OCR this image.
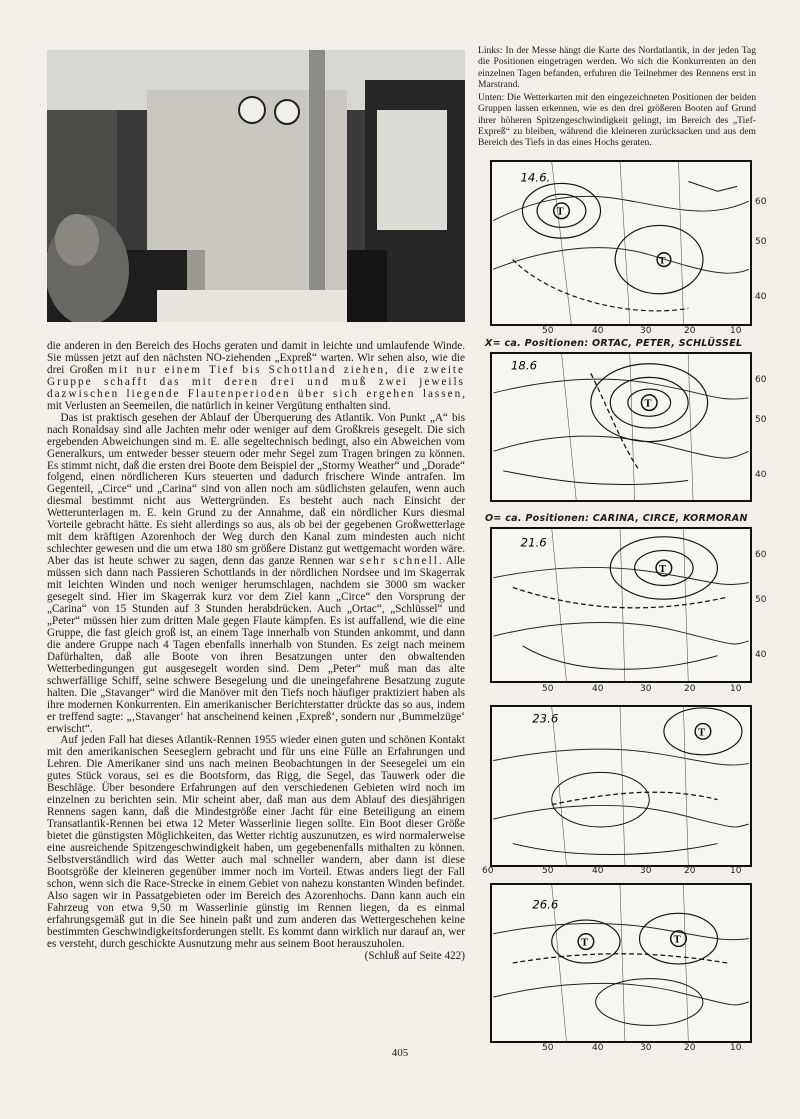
Links: In der Messe hängt die Karte des Nordatlantik, in der jeden Tag die Positionen eingetragen werden. Wo sich die Konkurrenten an den einzelnen Tagen befanden, erfuhren die Teilnehmer des Rennens erst in Marstrand.

Unten: Die Wetterkarten mit den eingezeichneten Positionen der beiden Gruppen lassen erkennen, wie es den drei größeren Booten auf Grund ihrer höheren Spitzengeschwindigkeit gelingt, im Bereich des „Tief-Expreß“ zu bleiben, während die kleineren zurücksacken und aus dem Bereich des Tiefs in das eines Hochs geraten.

die anderen in den Bereich des Hochs geraten und damit in leichte und umlaufende Winde. Sie müssen jetzt auf den nächsten NO-ziehenden „Expreß“ warten. Wir sehen also, wie die drei Großen mit nur einem Tief bis Schottland ziehen, die zweite Gruppe schafft das mit deren drei und muß zwei jeweils dazwischen liegende Flautenperioden über sich ergehen lassen, mit Verlusten an Seemeilen, die natürlich in keiner Vergütung enthalten sind.

Das ist praktisch gesehen der Ablauf der Überquerung des Atlantik. Von Punkt „A“ bis nach Ronaldsay sind alle Jachten mehr oder weniger auf dem Großkreis gesegelt. Die sich ergebenden Abweichungen sind m. E. alle segeltechnisch bedingt, also ein Abweichen vom Generalkurs, um entweder besser steuern oder mehr Segel zum Tragen bringen zu können. Es stimmt nicht, daß die ersten drei Boote dem Beispiel der „Stormy Weather“ und „Dorade“ folgend, einen nördlicheren Kurs steuerten und dadurch frischere Winde antrafen. Im Gegenteil, „Circe“ und „Carina“ sind von allen noch am südlichsten gelaufen, wenn auch diesmal bestimmt nicht aus Wettergründen. Es besteht auch nach Einsicht der Wetterunterlagen m. E. kein Grund zu der Annahme, daß ein nördlicher Kurs diesmal Vorteile gebracht hätte. Es sieht allerdings so aus, als ob bei der gegebenen Großwetterlage mit dem kräftigen Azorenhoch der Weg durch den Kanal zum mindesten auch nicht schlechter gewesen und die um etwa 180 sm größere Distanz gut wettgemacht worden wäre. Aber das ist heute schwer zu sagen, denn das ganze Rennen war sehr schnell. Alle müssen sich dann nach Passieren Schottlands in der nördlichen Nordsee und im Skagerrak mit leichten Winden und noch weniger herumschlagen, nachdem sie 3000 sm wacker gesegelt sind. Hier im Skagerrak kurz vor dem Ziel kann „Circe“ den Vorsprung der „Carina“ von 15 Stunden auf 3 Stunden herabdrücken. Auch „Ortac“, „Schlüssel“ und „Peter“ müssen hier zum dritten Male gegen Flaute kämpfen. Es ist auffallend, wie die eine Gruppe, die fast gleich groß ist, an einem Tage innerhalb von Stunden ankommt, und dann die andere Gruppe nach 4 Tagen ebenfalls innerhalb von Stunden. Es zeigt nach meinem Dafürhalten, daß alle Boote von ihren Besatzungen unter den obwaltenden Wetterbedingungen gut ausgesegelt worden sind. Dem „Peter“ muß man das alte schwerfällige Schiff, seine schwere Besegelung und die uneingefahrene Besatzung zugute halten. Die „Stavanger“ wird die Manöver mit den Tiefs noch häufiger praktiziert haben als ihre modernen Konkurrenten. Ein amerikanischer Berichterstatter drückte das so aus, indem er treffend sagte: „‚Stavanger‘ hat anscheinend keinen ‚Expreß‘, sondern nur ‚Bummelzüge‘ erwischt“.

Auf jeden Fall hat dieses Atlantik-Rennen 1955 wieder einen guten und schönen Kontakt mit den amerikanischen Seeseglern gebracht und für uns eine Fülle an Erfahrungen und Lehren. Die Amerikaner sind uns nach meinen Beobachtungen in der Seesegelei um ein gutes Stück voraus, sei es die Bootsform, das Rigg, die Segel, das Tauwerk oder die Beschläge. Über besondere Erfahrungen auf den verschiedenen Gebieten wird noch im einzelnen zu berichten sein. Mir scheint aber, daß man aus dem Ablauf des diesjährigen Rennens sagen kann, daß die Mindestgröße einer Jacht für eine Beteiligung an einem Transatlantik-Rennen bei etwa 12 Meter Wasserlinie liegen sollte. Ein Boot dieser Größe bietet die günstigsten Möglichkeiten, das Wetter richtig auszunutzen, es wird normalerweise eine ausreichende Spitzengeschwindigkeit haben, um gegebenenfalls mithalten zu können. Selbstverständlich wird das Wetter auch mal schneller wandern, aber dann ist diese Bootsgröße der kleineren gegenüber immer noch im Vorteil. Etwas anders liegt der Fall schon, wenn sich die Race-Strecke in einem Gebiet von nahezu konstanten Winden befindet. Also sagen wir in Passatgebieten oder im Bereich des Azorenhochs. Dann kann auch ein Fahrzeug von etwa 9,50 m Wasserlinie günstig im Rennen liegen, da es einmal erfahrungsgemäß gut in die See hinein paßt und zum anderen das Wettergeschehen keine bestimmten Geschwindigkeitsforderungen stellt. Es kommt dann wirklich nur darauf an, wer es versteht, durch geschickte Ausnutzung mehr aus seinem Boot herauszuholen.

(Schluß auf Seite 422)
14.6.
T
T
50	40	30	20	10
X= ca. Positionen: ORTAC, PETER, SCHLÜSSEL
18.6
T
O= ca. Positionen: CARINA, CIRCE, KORMORAN
21.6
T
50	40	30	20	10
23.6
T
60	50	40	30	20	10
26.6
T	T
50	40	30	20	10
60
50
40
60
50
40
60
50
40
405
